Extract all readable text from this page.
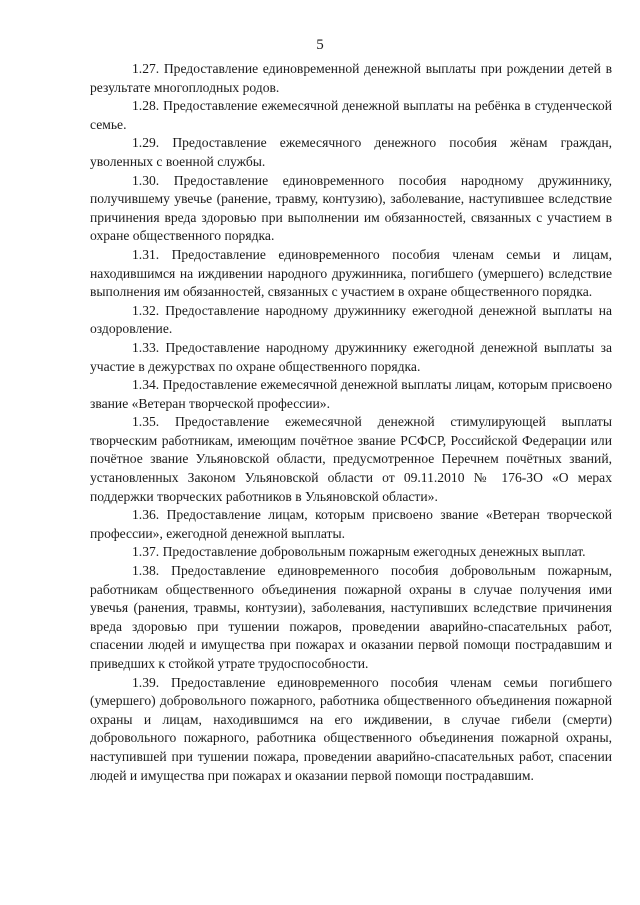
5

1.27. Предоставление единовременной денежной выплаты при рождении детей в результате многоплодных родов.

1.28. Предоставление ежемесячной денежной выплаты на ребёнка в студенческой семье.

1.29. Предоставление ежемесячного денежного пособия жёнам граждан, уволенных с военной службы.

1.30. Предоставление единовременного пособия народному дружиннику, получившему увечье (ранение, травму, контузию), заболевание, наступившее вследствие причинения вреда здоровью при выполнении им обязанностей, связанных с участием в охране общественного порядка.

1.31. Предоставление единовременного пособия членам семьи и лицам, находившимся на иждивении народного дружинника, погибшего (умершего) вследствие выполнения им обязанностей, связанных с участием в охране общественного порядка.

1.32. Предоставление народному дружиннику ежегодной денежной выплаты на оздоровление.

1.33. Предоставление народному дружиннику ежегодной денежной выплаты за участие в дежурствах по охране общественного порядка.

1.34. Предоставление ежемесячной денежной выплаты лицам, которым присвоено звание «Ветеран творческой профессии».

1.35. Предоставление ежемесячной денежной стимулирующей выплаты творческим работникам, имеющим почётное звание РСФСР, Российской Федерации или почётное звание Ульяновской области, предусмотренное Перечнем почётных званий, установленных Законом Ульяновской области от 09.11.2010 № 176-ЗО «О мерах поддержки творческих работников в Ульяновской области».

1.36. Предоставление лицам, которым присвоено звание «Ветеран творческой профессии», ежегодной денежной выплаты.

1.37. Предоставление добровольным пожарным ежегодных денежных выплат.

1.38. Предоставление единовременного пособия добровольным пожарным, работникам общественного объединения пожарной охраны в случае получения ими увечья (ранения, травмы, контузии), заболевания, наступивших вследствие причинения вреда здоровью при тушении пожаров, проведении аварийно-спасательных работ, спасении людей и имущества при пожарах и оказании первой помощи пострадавшим и приведших к стойкой утрате трудоспособности.

1.39. Предоставление единовременного пособия членам семьи погибшего (умершего) добровольного пожарного, работника общественного объединения пожарной охраны и лицам, находившимся на его иждивении, в случае гибели (смерти) добровольного пожарного, работника общественного объединения пожарной охраны, наступившей при тушении пожара, проведении аварийно-спасательных работ, спасении людей и имущества при пожарах и оказании первой помощи пострадавшим.
